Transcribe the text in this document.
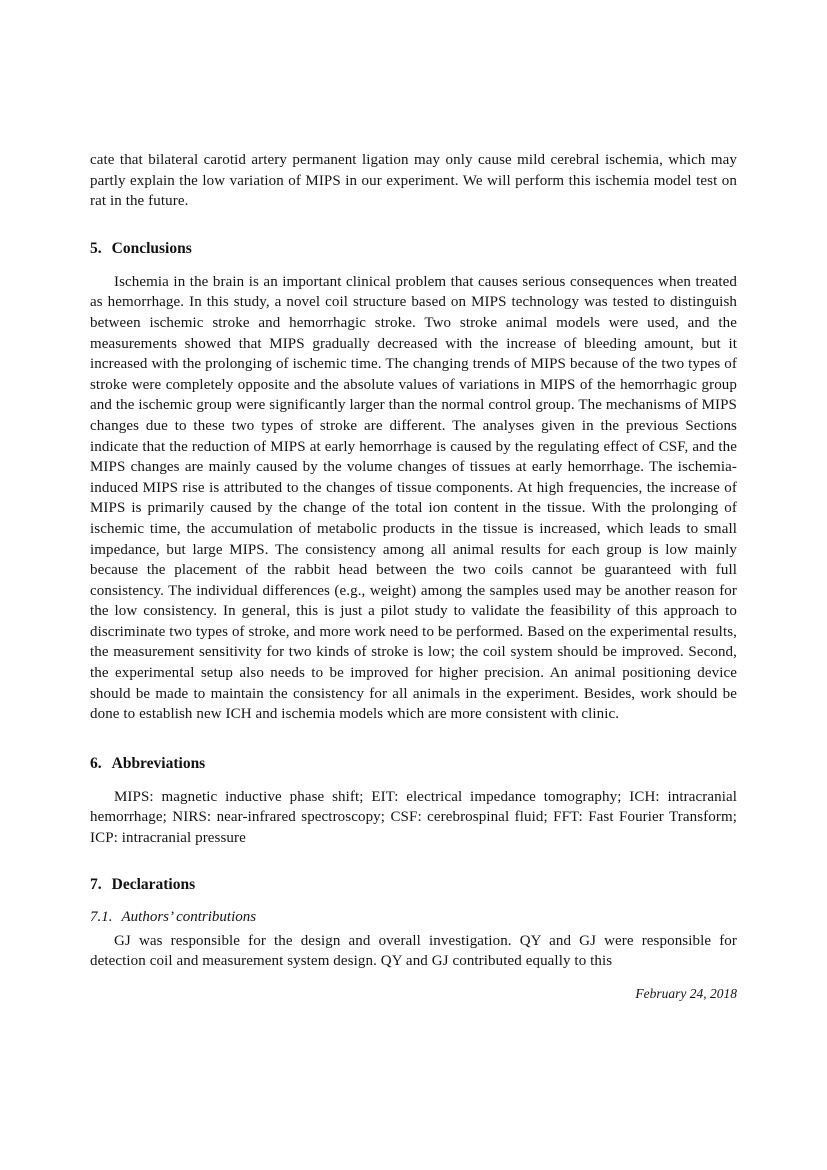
cate that bilateral carotid artery permanent ligation may only cause mild cerebral ischemia, which may partly explain the low variation of MIPS in our experiment. We will perform this ischemia model test on rat in the future.

5. Conclusions

Ischemia in the brain is an important clinical problem that causes serious consequences when treated as hemorrhage. In this study, a novel coil structure based on MIPS technology was tested to distinguish between ischemic stroke and hemorrhagic stroke. Two stroke animal models were used, and the measurements showed that MIPS gradually decreased with the increase of bleeding amount, but it increased with the prolonging of ischemic time. The changing trends of MIPS because of the two types of stroke were completely opposite and the absolute values of variations in MIPS of the hemorrhagic group and the ischemic group were significantly larger than the normal control group. The mechanisms of MIPS changes due to these two types of stroke are different. The analyses given in the previous Sections indicate that the reduction of MIPS at early hemorrhage is caused by the regulating effect of CSF, and the MIPS changes are mainly caused by the volume changes of tissues at early hemorrhage. The ischemia-induced MIPS rise is attributed to the changes of tissue components. At high frequencies, the increase of MIPS is primarily caused by the change of the total ion content in the tissue. With the prolonging of ischemic time, the accumulation of metabolic products in the tissue is increased, which leads to small impedance, but large MIPS. The consistency among all animal results for each group is low mainly because the placement of the rabbit head between the two coils cannot be guaranteed with full consistency. The individual differences (e.g., weight) among the samples used may be another reason for the low consistency. In general, this is just a pilot study to validate the feasibility of this approach to discriminate two types of stroke, and more work need to be performed. Based on the experimental results, the measurement sensitivity for two kinds of stroke is low; the coil system should be improved. Second, the experimental setup also needs to be improved for higher precision. An animal positioning device should be made to maintain the consistency for all animals in the experiment. Besides, work should be done to establish new ICH and ischemia models which are more consistent with clinic.

6. Abbreviations

MIPS: magnetic inductive phase shift; EIT: electrical impedance tomography; ICH: intracranial hemorrhage; NIRS: near-infrared spectroscopy; CSF: cerebrospinal fluid; FFT: Fast Fourier Transform; ICP: intracranial pressure

7. Declarations
7.1. Authors’ contributions

GJ was responsible for the design and overall investigation. QY and GJ were responsible for detection coil and measurement system design. QY and GJ contributed equally to this

February 24, 2018
